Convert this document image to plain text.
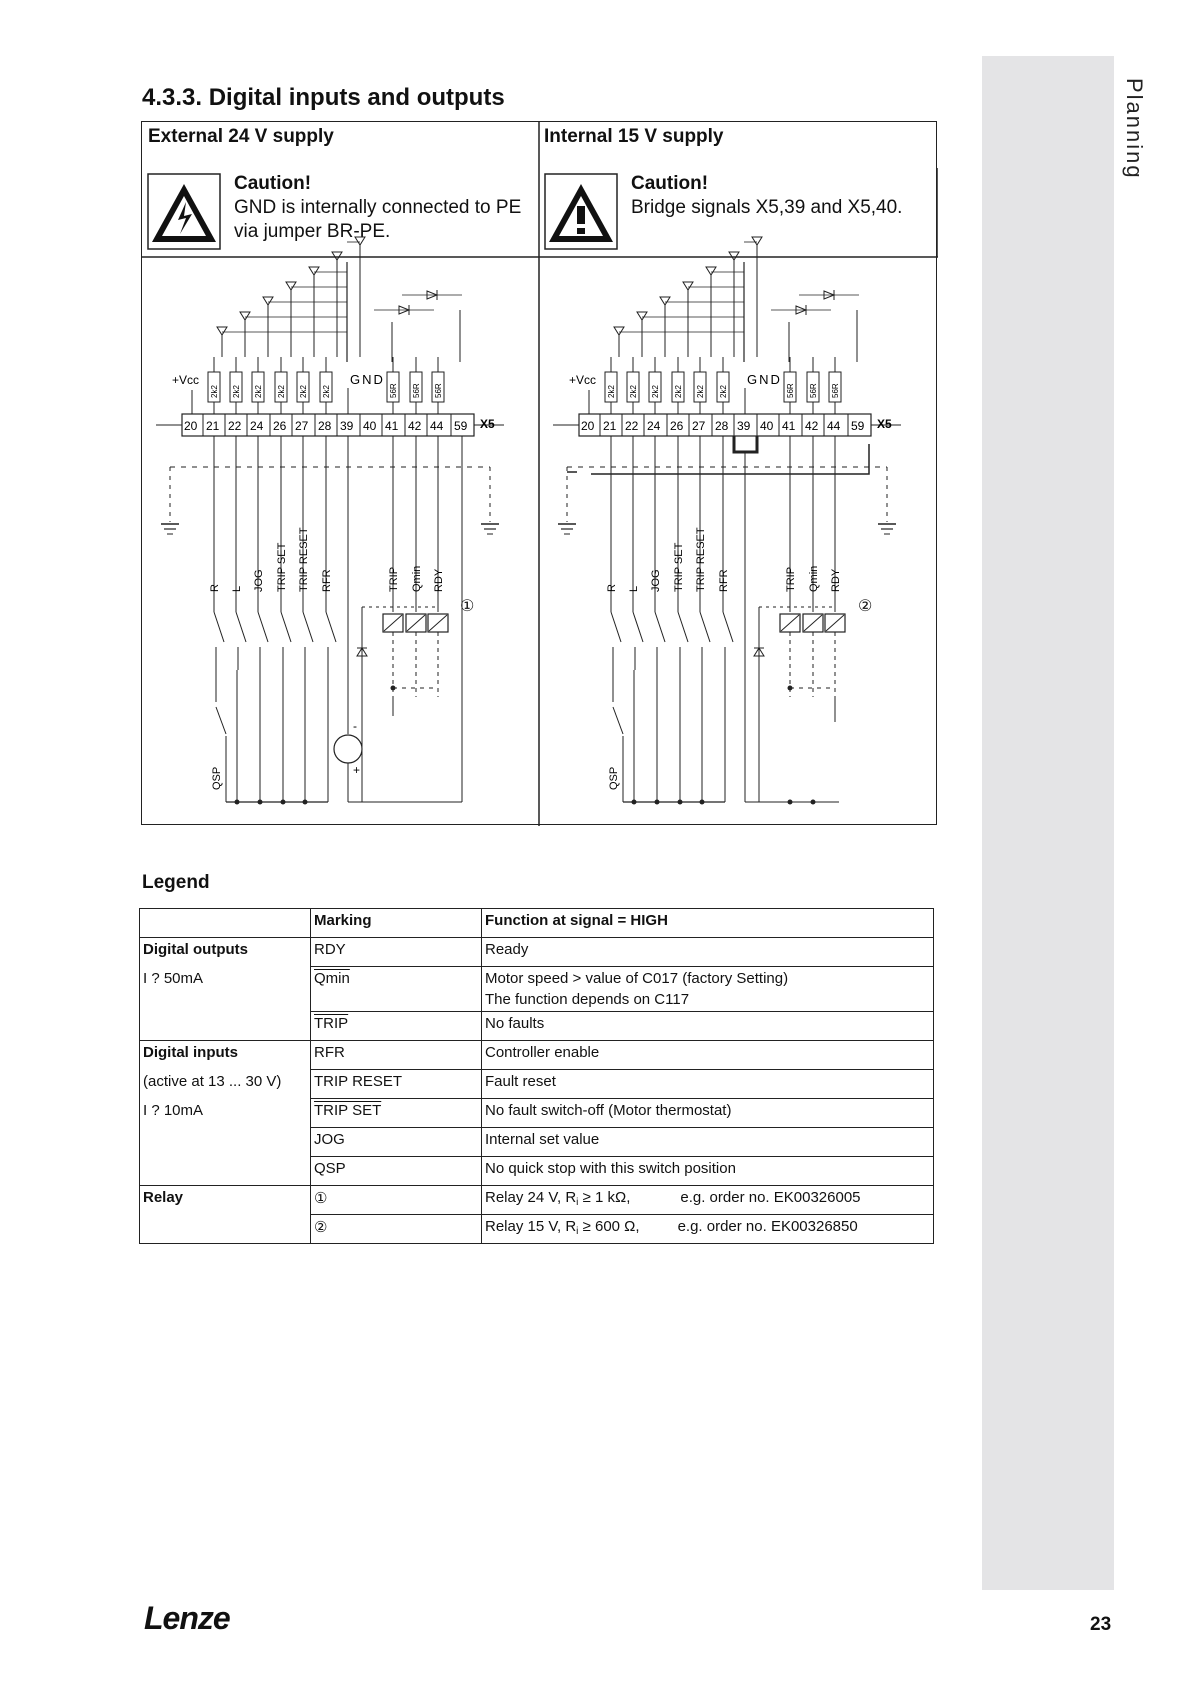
Planning
4.3.3. Digital inputs and outputs
External 24 V supply	Internal 15 V supply
Caution!
GND is internally connected to PE
via jumper BR-PE.
Caution!
Bridge signals X5,39 and X5,40.
+Vcc	GND
2k2 2k2 2k2 2k2 2k2 2k2	56R 56R 56R
20 21 22 24 26 27 28 39 40 41 42 44 59 X5
R L JOG TRIP SET TRIP RESET RFR
QSP
TRIP Qmin RDY
-
+
+Vcc	GND
2k2 2k2 2k2 2k2 2k2 2k2	56R 56R 56R
20 21 22 24 26 27 28 39 40 41 42 44 59 X5
R L JOG TRIP SET TRIP RESET RFR
QSP
TRIP Qmin RDY
①	②
Legend
	Marking	Function at signal = HIGH
Digital outputs	RDY	Ready
I ? 50mA	Qmin	Motor speed > value of C017 (factory Setting)
The function depends on C117

	TRIP	No faults
Digital inputs	RFR	Controller enable
(active at 13 ... 30 V)	TRIP RESET	Fault reset
I ? 10mA	TRIP SET	No fault switch-off (Motor thermostat)
	JOG	Internal set value
	QSP	No quick stop with this switch position
Relay	①	Relay 24 V, $R_i \ge 1$ kΩ, e.g. order no. EK00326005
	②	Relay 15 V, $R_i \ge 600$ Ω, e.g. order no. EK00326850
Lenze	23
